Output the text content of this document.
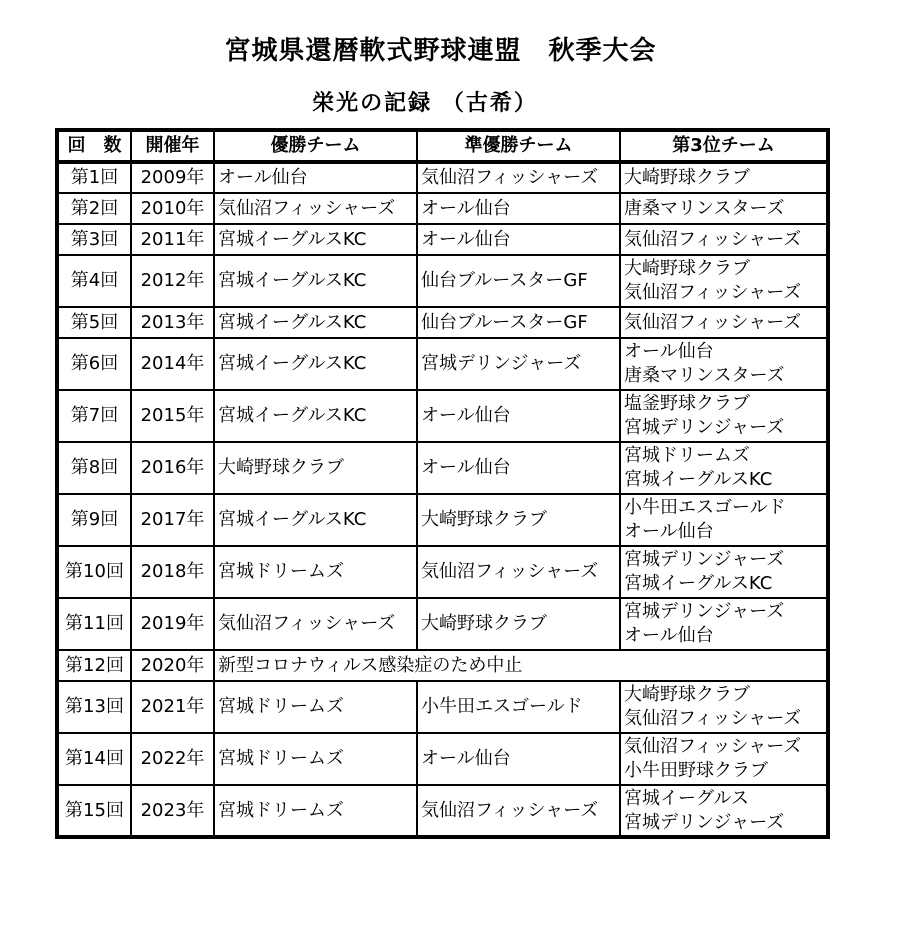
宮城県還暦軟式野球連盟　秋季大会
栄光の記録 （古希）
回　数	開催年	優勝チーム	準優勝チーム	第3位チーム
第1回	2009年	オール仙台	気仙沼フィッシャーズ	大崎野球クラブ

第2回	2010年	気仙沼フィッシャーズ	オール仙台	唐桑マリンスターズ

第3回	2011年	宮城イーグルスKC	オール仙台	気仙沼フィッシャーズ

第4回	2012年	宮城イーグルスKC	仙台ブルースターGF	大崎野球クラブ
気仙沼フィッシャーズ

第5回	2013年	宮城イーグルスKC	仙台ブルースターGF	気仙沼フィッシャーズ

第6回	2014年	宮城イーグルスKC	宮城デリンジャーズ	オール仙台
唐桑マリンスターズ

第7回	2015年	宮城イーグルスKC	オール仙台	塩釜野球クラブ
宮城デリンジャーズ

第8回	2016年	大崎野球クラブ	オール仙台	宮城ドリームズ
宮城イーグルスKC

第9回	2017年	宮城イーグルスKC	大崎野球クラブ	小牛田エスゴールド
オール仙台

第10回	2018年	宮城ドリームズ	気仙沼フィッシャーズ	宮城デリンジャーズ
宮城イーグルスKC

第11回	2019年	気仙沼フィッシャーズ	大崎野球クラブ	宮城デリンジャーズ
オール仙台

第12回	2020年	新型コロナウィルス感染症のため中止		
第13回	2021年	宮城ドリームズ	小牛田エスゴールド	大崎野球クラブ
気仙沼フィッシャーズ

第14回	2022年	宮城ドリームズ	オール仙台	気仙沼フィッシャーズ
小牛田野球クラブ

第15回	2023年	宮城ドリームズ	気仙沼フィッシャーズ	宮城イーグルス
宮城デリンジャーズ
